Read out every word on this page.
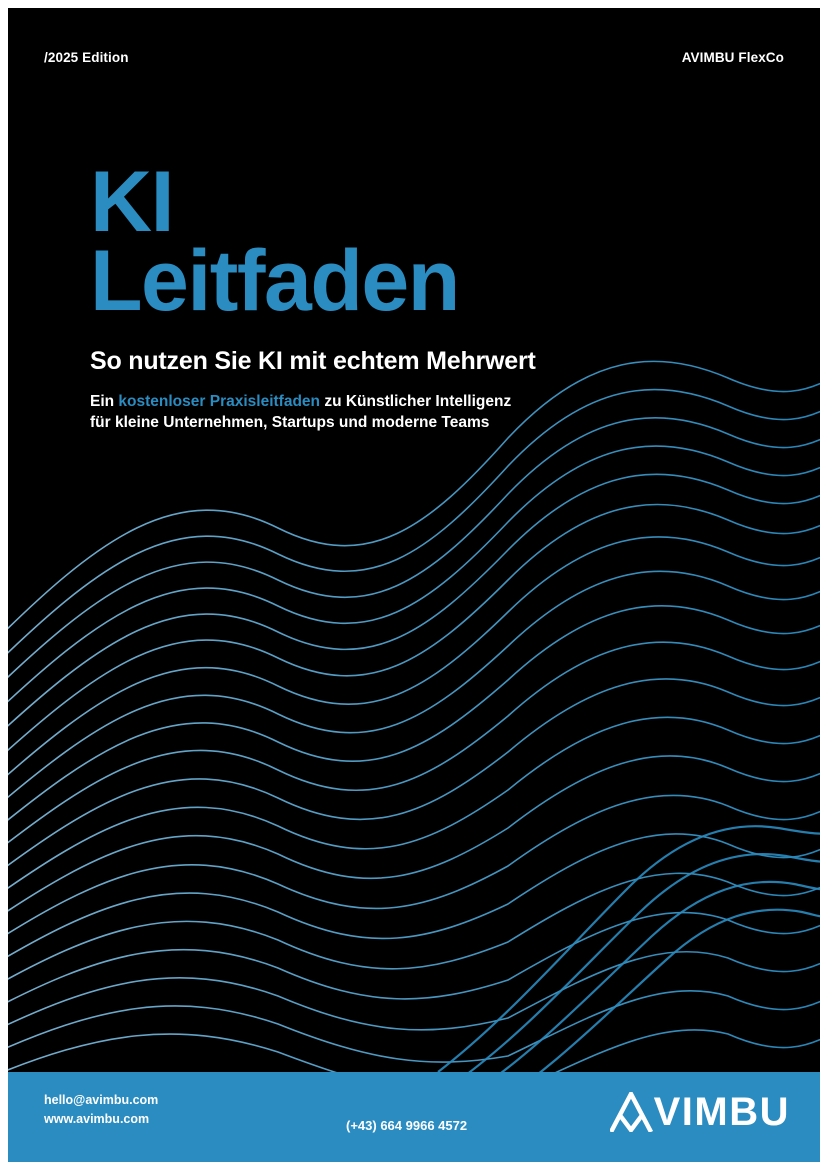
/2025 Edition	AVIMBU FlexCo
KI
Leitfaden
So nutzen Sie KI mit echtem Mehrwert
Ein kostenloser Praxisleitfaden zu Künstlicher Intelligenz
für kleine Unternehmen, Startups und moderne Teams
hello@avimbu.com
www.avimbu.com	(+43) 664 9966 4572	VIMBU
